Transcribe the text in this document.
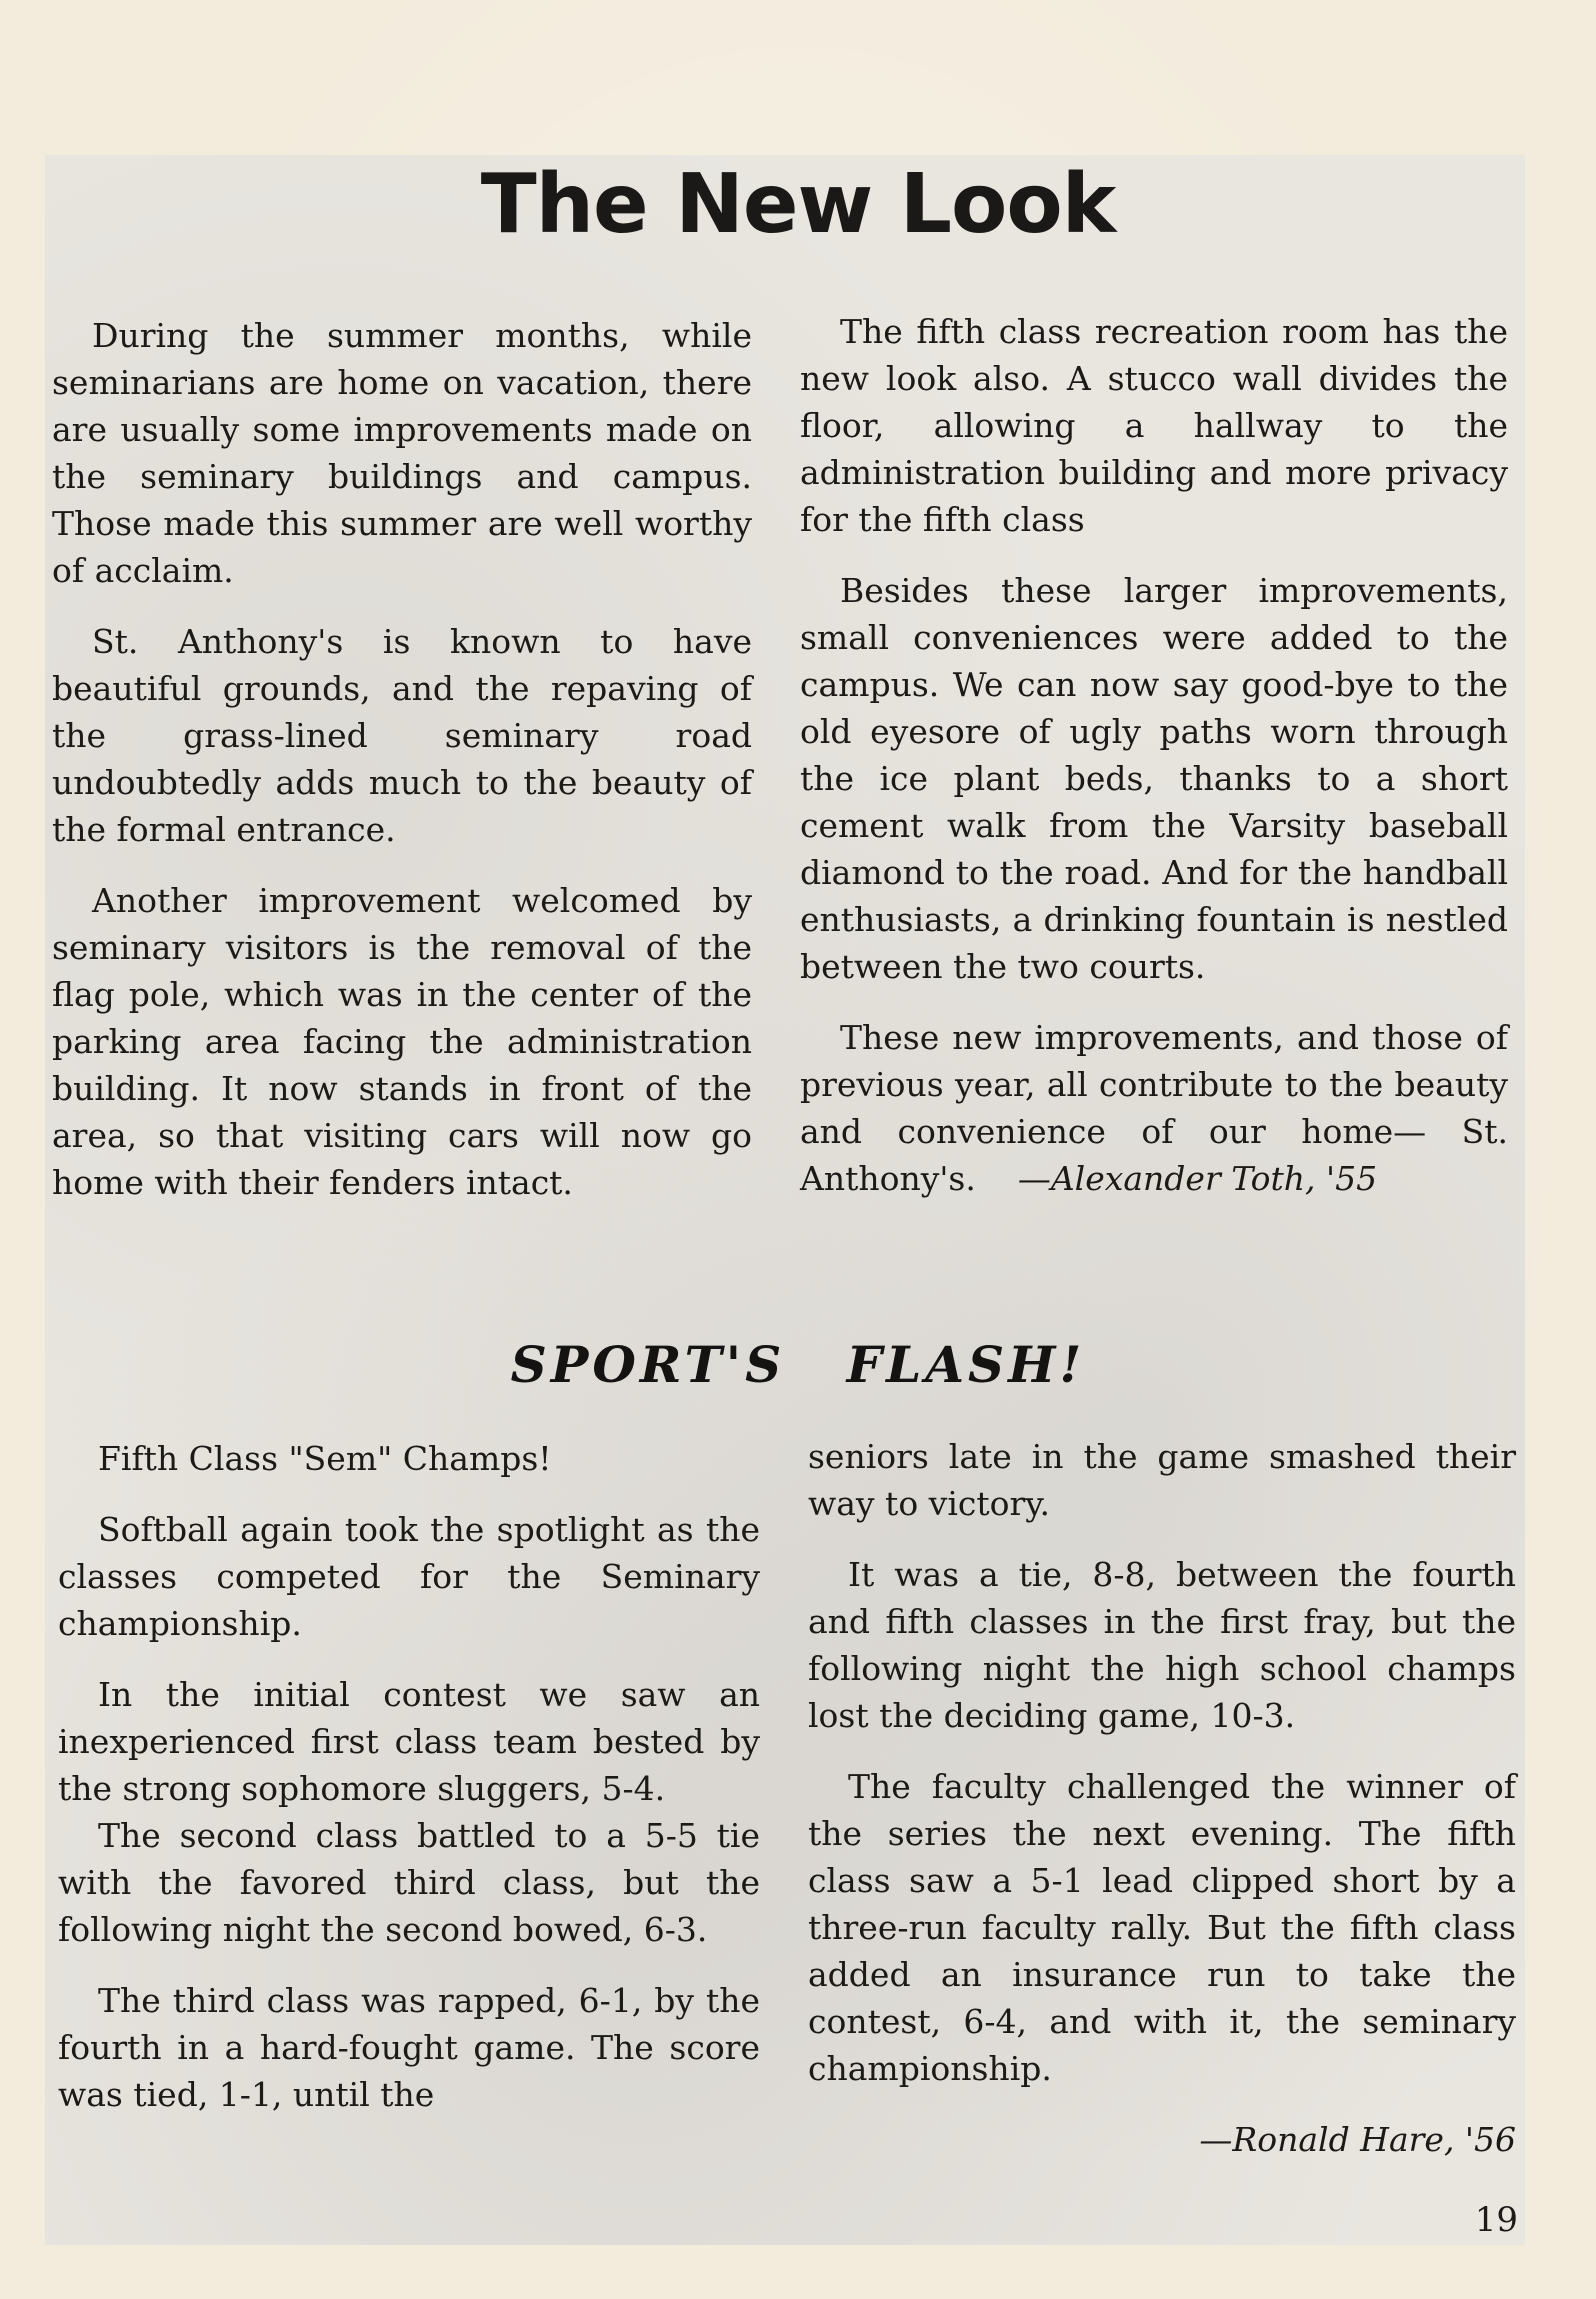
The New Look

During the summer months, while seminarians are home on vacation, there are usually some improvements made on the seminary buildings and campus. Those made this summer are well worthy of acclaim.

St. Anthony's is known to have beautiful grounds, and the repaving of the grass-lined seminary road undoubtedly adds much to the beauty of the formal entrance.

Another improvement welcomed by seminary visitors is the removal of the flag pole, which was in the center of the parking area facing the administration building. It now stands in front of the area, so that visiting cars will now go home with their fenders intact.

The fifth class recreation room has the new look also. A stucco wall divides the floor, allowing a hallway to the administration building and more privacy for the fifth class

Besides these larger improvements, small conveniences were added to the campus. We can now say good-bye to the old eyesore of ugly paths worn through the ice plant beds, thanks to a short cement walk from the Varsity baseball diamond to the road. And for the handball enthusiasts, a drinking fountain is nestled between the two courts.

These new improvements, and those of previous year, all contribute to the beauty and convenience of our home— St. Anthony's. —Alexander Toth, '55

SPORT'S FLASH!

Fifth Class "Sem" Champs!

Softball again took the spotlight as the classes competed for the Seminary championship.

In the initial contest we saw an inexperienced first class team bested by the strong sophomore sluggers, 5-4.

The second class battled to a 5-5 tie with the favored third class, but the following night the second bowed, 6-3.

The third class was rapped, 6-1, by the fourth in a hard-fought game. The score was tied, 1-1, until the

seniors late in the game smashed their way to victory.

It was a tie, 8-8, between the fourth and fifth classes in the first fray, but the following night the high school champs lost the deciding game, 10-3.

The faculty challenged the winner of the series the next evening. The fifth class saw a 5-1 lead clipped short by a three-run faculty rally. But the fifth class added an insurance run to take the contest, 6-4, and with it, the seminary championship.

—Ronald Hare, '56
19
